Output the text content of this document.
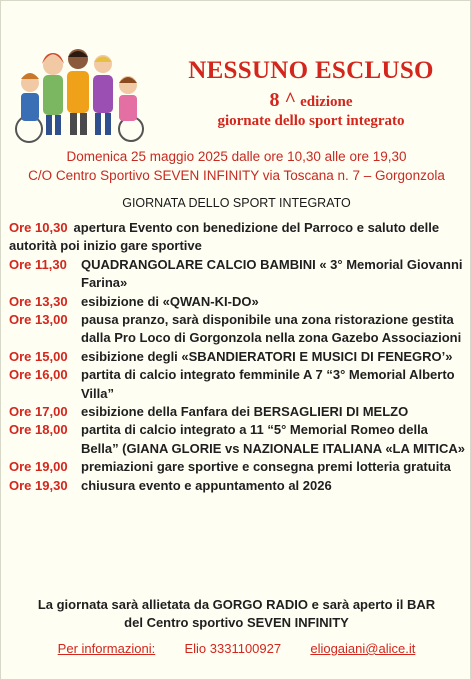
NESSUNO ESCLUSO
8 ^ edizione
giornate dello sport integrato
Domenica 25 maggio 2025 dalle ore 10,30 alle ore 19,30
C/O Centro Sportivo SEVEN INFINITY via Toscana n. 7 – Gorgonzola
GIORNATA DELLO SPORT INTEGRATO
Ore 10,30 apertura Evento con benedizione del Parroco e saluto delle autorità poi inizio gare sportive
Ore 11,30 QUADRANGOLARE CALCIO BAMBINI « 3° Memorial Giovanni Farina»
Ore 13,30 esibizione di «QWAN-KI-DO»
Ore 13,00 pausa pranzo, sarà disponibile una zona ristorazione gestita dalla Pro Loco di Gorgonzola nella zona Gazebo Associazioni
Ore 15,00 esibizione degli «SBANDIERATORI E MUSICI DI FENEGRO’»
Ore 16,00 partita di calcio integrato femminile A 7 “3° Memorial Alberto Villa”
Ore 17,00 esibizione della Fanfara dei BERSAGLIERI DI MELZO
Ore 18,00 partita di calcio integrato a 11 “5° Memorial Romeo della Bella” (GIANA GLORIE vs NAZIONALE ITALIANA «LA MITICA»
Ore 19,00 premiazioni gare sportive e consegna premi lotteria gratuita
Ore 19,30 chiusura evento e appuntamento al 2026
La giornata sarà allietata da GORGO RADIO e sarà aperto il BAR
del Centro sportivo SEVEN INFINITY
Per informazioni: Elio 3331100927 eliogaiani@alice.it
